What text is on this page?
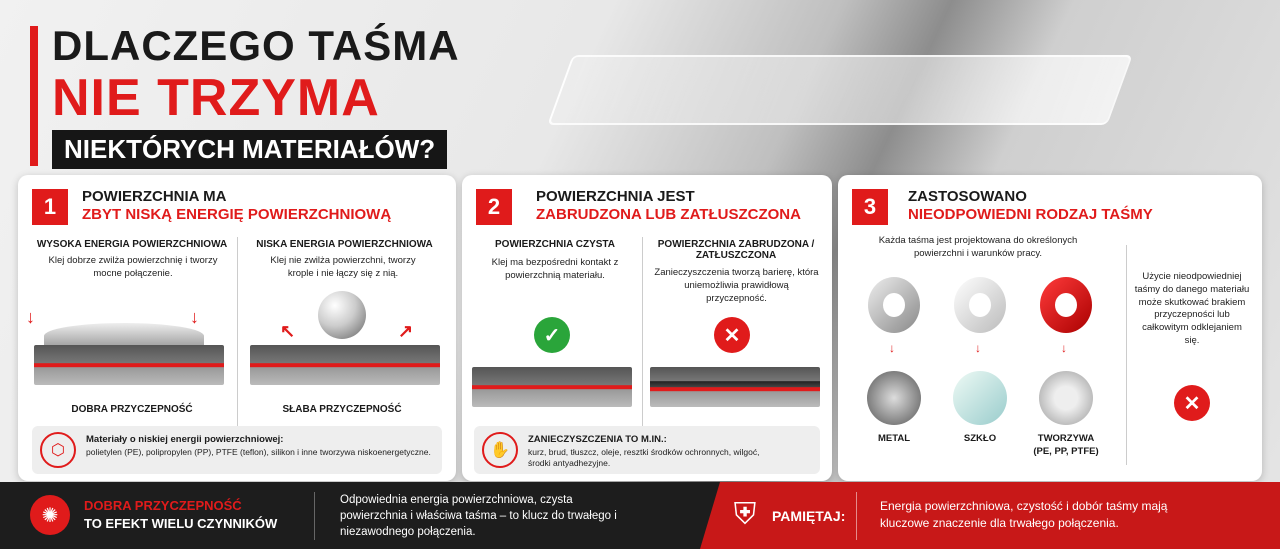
DLACZEGO TAŚMA
NIE TRZYMA
NIEKTÓRYCH MATERIAŁÓW?
1	POWIERZCHNIA MA
ZBYT NISKĄ ENERGIĘ POWIERZCHNIOWĄ
WYSOKA ENERGIA POWIERZCHNIOWA
Klej dobrze zwilża powierzchnię i tworzy mocne połączenie.
NISKA ENERGIA POWIERZCHNIOWA
Klej nie zwilża powierzchni, tworzy krople i nie łączy się z nią.
↓	↓
↖	↗
DOBRA PRZYCZEPNOŚĆ	SŁABA PRZYCZEPNOŚĆ
⬡
Materiały o niskiej energii powierzchniowej:
polietylen (PE), polipropylen (PP), PTFE (teflon), silikon i inne tworzywa niskoenergetyczne.
2	POWIERZCHNIA JEST
ZABRUDZONA LUB ZATŁUSZCZONA
POWIERZCHNIA CZYSTA
Klej ma bezpośredni kontakt z powierzchnią materiału.
POWIERZCHNIA ZABRUDZONA / ZATŁUSZCZONA
Zanieczyszczenia tworzą barierę, która uniemożliwia prawidłową przyczepność.
✓	✕
✋
ZANIECZYSZCZENIA TO M.IN.:
kurz, brud, tłuszcz, oleje, resztki środków ochronnych, wilgoć, środki antyadhezyjne.
3	ZASTOSOWANO
NIEODPOWIEDNI RODZAJ TAŚMY
Każda taśma jest projektowana do określonych powierzchni i warunków pracy.
↓	↓	↓
METAL	SZKŁO	TWORZYWA
(PE, PP, PTFE)
Użycie nieodpowiedniej taśmy do danego materiału może skutkować brakiem przyczepności lub całkowitym odklejaniem się.
✕
✺	DOBRA PRZYCZEPNOŚĆ
TO EFEKT WIELU CZYNNIKÓW
Odpowiednia energia powierzchniowa, czysta powierzchnia i właściwa taśma – to klucz do trwałego i niezawodnego połączenia.
⛨	PAMIĘTAJ:
Energia powierzchniowa, czystość i dobór taśmy mają kluczowe znaczenie dla trwałego połączenia.
